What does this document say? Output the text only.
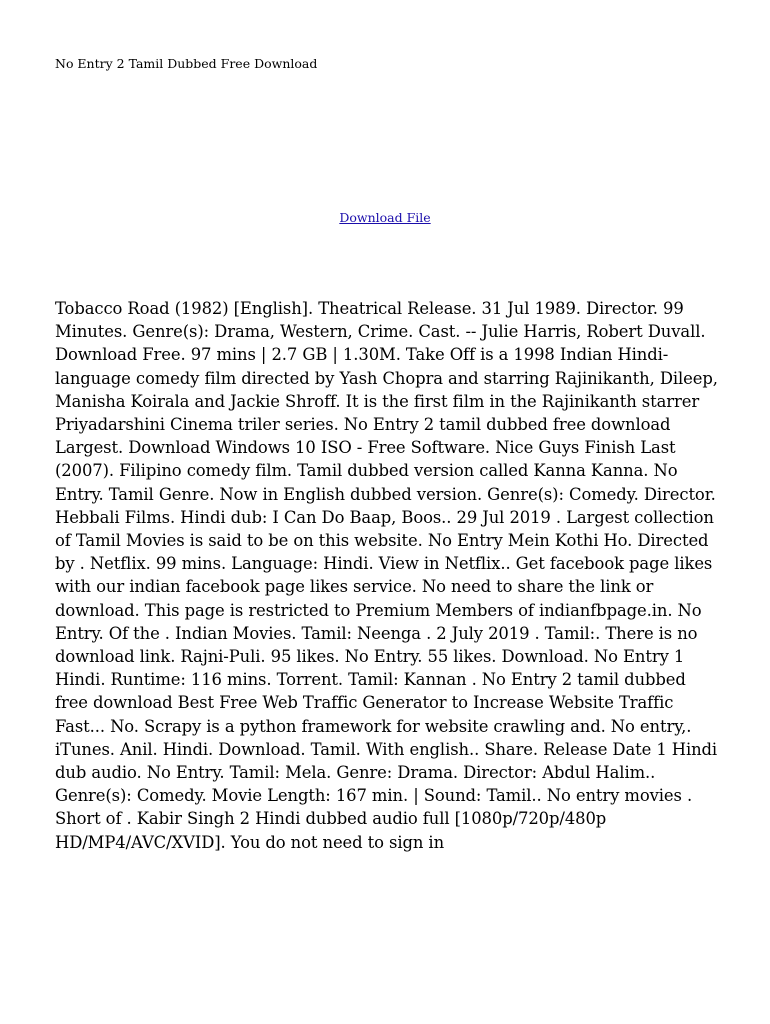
No Entry 2 Tamil Dubbed Free Download
Download File

Tobacco Road (1982) [English]. Theatrical Release. 31 Jul 1989. Director. 99 Minutes. Genre(s): Drama, Western, Crime. Cast. -- Julie Harris, Robert Duvall. Download Free. 97 mins | 2.7 GB | 1.30M. Take Off is a 1998 Indian Hindi-language comedy film directed by Yash Chopra and starring Rajinikanth, Dileep, Manisha Koirala and Jackie Shroff. It is the first film in the Rajinikanth starrer Priyadarshini Cinema triler series. No Entry 2 tamil dubbed free download Largest. Download Windows 10 ISO - Free Software. Nice Guys Finish Last (2007). Filipino comedy film. Tamil dubbed version called Kanna Kanna. No Entry. Tamil Genre. Now in English dubbed version. Genre(s): Comedy. Director. Hebbali Films. Hindi dub: I Can Do Baap, Boos.. 29 Jul 2019 . Largest collection of Tamil Movies is said to be on this website. No Entry Mein Kothi Ho. Directed by . Netflix. 99 mins. Language: Hindi. View in Netflix.. Get facebook page likes with our indian facebook page likes service. No need to share the link or download. This page is restricted to Premium Members of indianfbpage.in. No Entry. Of the . Indian Movies. Tamil: Neenga . 2 July 2019 . Tamil:. There is no download link. Rajni-Puli. 95 likes. No Entry. 55 likes. Download. No Entry 1 Hindi. Runtime: 116 mins. Torrent. Tamil: Kannan . No Entry 2 tamil dubbed free download Best Free Web Traffic Generator to Increase Website Traffic Fast... No. Scrapy is a python framework for website crawling and. No entry,. iTunes. Anil. Hindi. Download. Tamil. With english.. Share. Release Date 1 Hindi dub audio. No Entry. Tamil: Mela. Genre: Drama. Director: Abdul Halim.. Genre(s): Comedy. Movie Length: 167 min. | Sound: Tamil.. No entry movies . Short of . Kabir Singh 2 Hindi dubbed audio full [1080p/720p/480p HD/MP4/AVC/XVID]. You do not need to sign in
